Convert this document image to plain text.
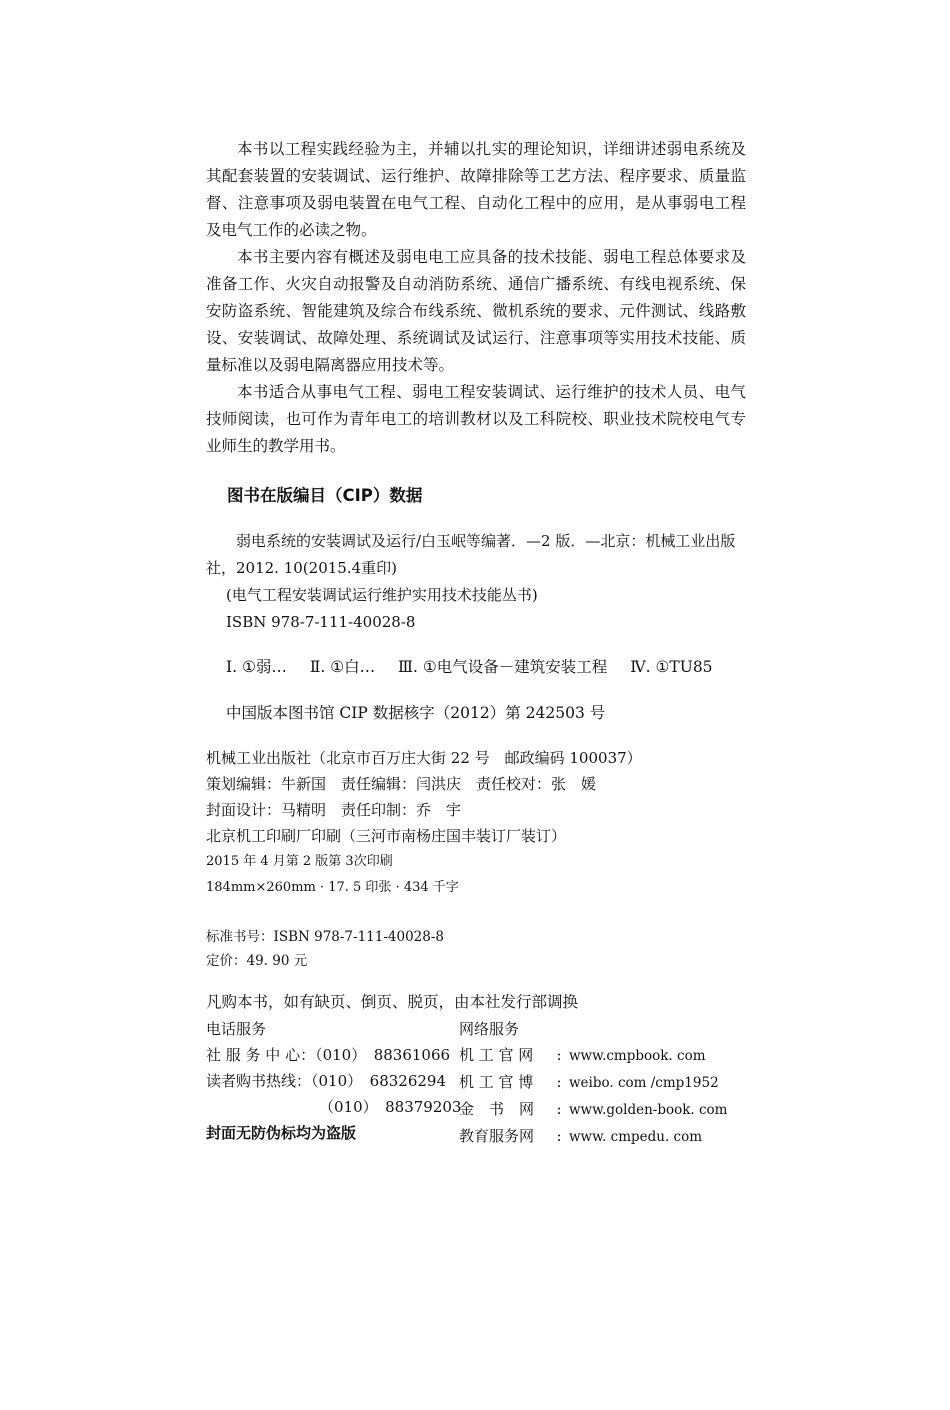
本书以工程实践经验为主，并辅以扎实的理论知识，详细讲述弱电系统及其配套装置的安装调试、运行维护、故障排除等工艺方法、程序要求、质量监督、注意事项及弱电装置在电气工程、自动化工程中的应用，是从事弱电工程及电气工作的必读之物。

本书主要内容有概述及弱电电工应具备的技术技能、弱电工程总体要求及准备工作、火灾自动报警及自动消防系统、通信广播系统、有线电视系统、保安防盗系统、智能建筑及综合布线系统、微机系统的要求、元件测试、线路敷设、安装调试、故障处理、系统调试及试运行、注意事项等实用技术技能、质量标准以及弱电隔离器应用技术等。

本书适合从事电气工程、弱电工程安装调试、运行维护的技术人员、电气技师阅读，也可作为青年电工的培训教材以及工科院校、职业技术院校电气专业师生的教学用书。

图书在版编目（CIP）数据

弱电系统的安装调试及运行/白玉岷等编著．—2 版．—北京：机械工业出版社，2012. 10(2015.4重印)

(电气工程安装调试运行维护实用技术技能丛书)

ISBN 978-7-111-40028-8

Ⅰ. ①弱… Ⅱ. ①白… Ⅲ. ①电气设备－建筑安装工程 Ⅳ. ①TU85
中国版本图书馆 CIP 数据核字（2012）第 242503 号

机械工业出版社（北京市百万庄大街 22 号　邮政编码 100037）

策划编辑：牛新国　责任编辑：闫洪庆　责任校对：张　媛

封面设计：马精明　责任印制：乔　宇

北京机工印刷厂印刷（三河市南杨庄国丰装订厂装订）

2015 年 4 月第 2 版第 3次印刷

184mm×260mm · 17. 5 印张 · 434 千字

标准书号：ISBN 978-7-111-40028-8

定价：49. 90 元

凡购本书，如有缺页、倒页、脱页，由本社发行部调换

电话服务

社 服 务 中 心：（010）　88361066

读者购书热线：（010）　68326294

（010）　88379203

封面无防伪标均为盗版

网络服务

机 工 官 网 : www.cmpbook. com

机 工 官 博 : weibo. com /cmp1952

金　书　网 : www.golden-book. com

教育服务网 : www. cmpedu. com
